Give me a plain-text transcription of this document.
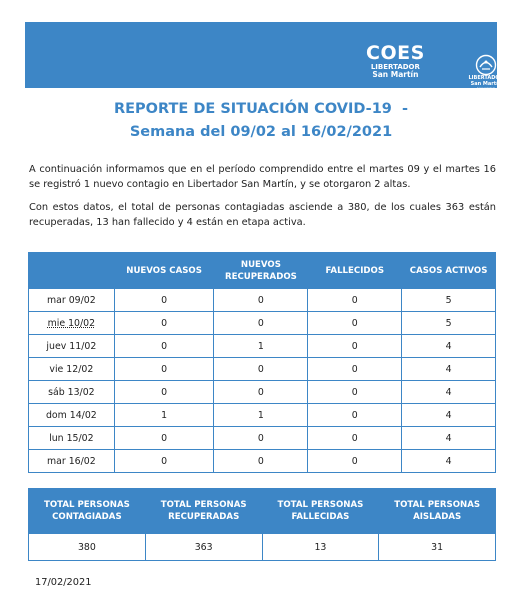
COES
LIBERTADOR
San Martín	LIBERTADOR
San Martín
MUNICIPIO
REPORTE DE SITUACIÓN COVID-19  -
Semana del 09/02 al 16/02/2021
A continuación informamos que en el período comprendido entre el martes 09 y el martes 16 se registró 1 nuevo contagio en Libertador San Martín, y se otorgaron 2 altas.
Con estos datos, el total de personas contagiadas asciende a 380, de los cuales 363 están recuperadas, 13 han fallecido y 4 están en etapa activa.
	NUEVOS CASOS	NUEVOS RECUPERADOS	FALLECIDOS	CASOS ACTIVOS
mar 09/02	0	0	0	5
mie 10/02	0	0	0	5
juev 11/02	0	1	0	4
vie 12/02	0	0	0	4
sáb 13/02	0	0	0	4
dom 14/02	1	1	0	4
lun 15/02	0	0	0	4
mar 16/02	0	0	0	4
TOTAL PERSONAS CONTAGIADAS	TOTAL PERSONAS RECUPERADAS	TOTAL PERSONAS FALLECIDAS	TOTAL PERSONAS AISLADAS
380	363	13	31
17/02/2021
